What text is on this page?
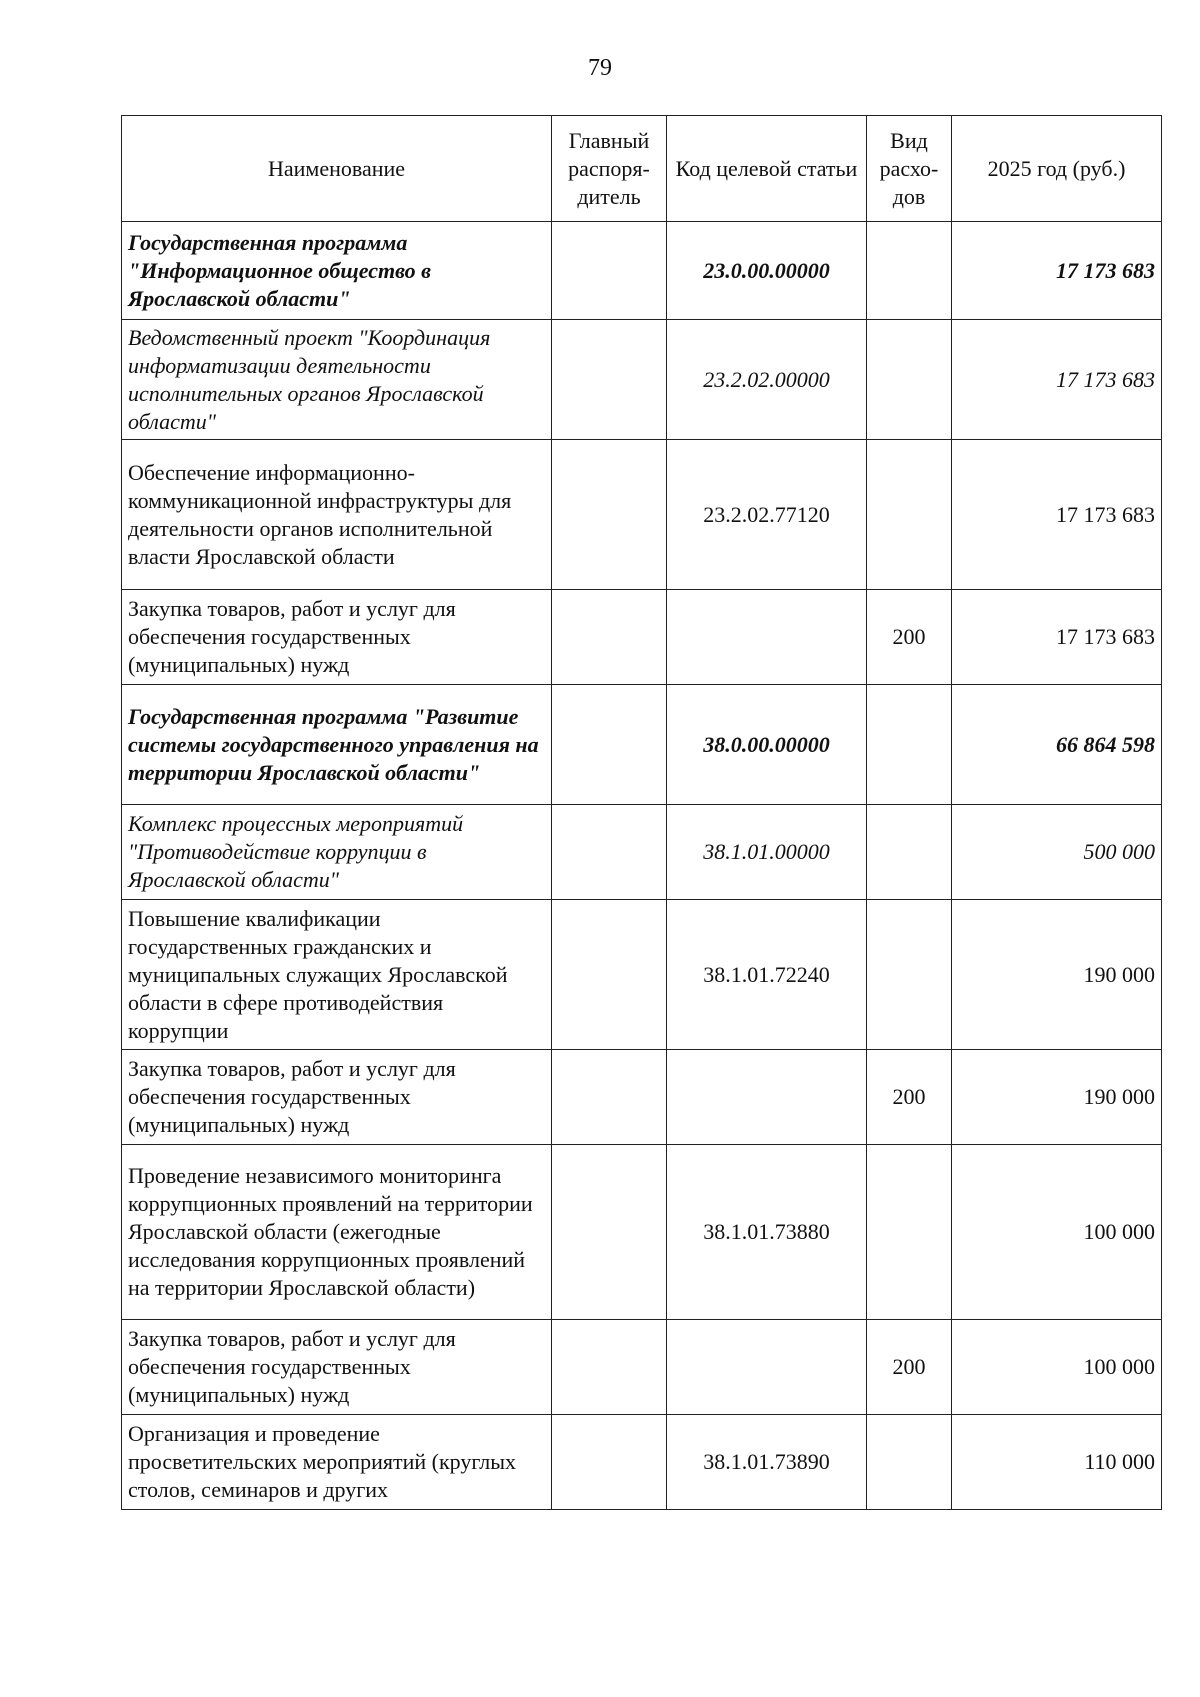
79
Наименование	Главный распоря-дитель	Код целевой статьи	Вид расхо-дов	2025 год (руб.)
Государственная программа "Информационное общество в Ярославской области"		23.0.00.00000		17 173 683
Ведомственный проект "Координация информатизации деятельности исполнительных органов Ярославской области"		23.2.02.00000		17 173 683
Обеспечение информационно-коммуникационной инфраструктуры для деятельности органов исполнительной власти Ярославской области		23.2.02.77120		17 173 683
Закупка товаров, работ и услуг для обеспечения государственных (муниципальных) нужд			200	17 173 683
Государственная программа "Развитие системы государственного управления на территории Ярославской области"		38.0.00.00000		66 864 598
Комплекс процессных мероприятий "Противодействие коррупции в Ярославской области"		38.1.01.00000		500 000
Повышение квалификации государственных гражданских и муниципальных служащих Ярославской области в сфере противодействия коррупции		38.1.01.72240		190 000
Закупка товаров, работ и услуг для обеспечения государственных (муниципальных) нужд			200	190 000
Проведение независимого мониторинга коррупционных проявлений на территории Ярославской области (ежегодные исследования коррупционных проявлений на территории Ярославской области)		38.1.01.73880		100 000
Закупка товаров, работ и услуг для обеспечения государственных (муниципальных) нужд			200	100 000
Организация и проведение просветительских мероприятий (круглых столов, семинаров и других		38.1.01.73890		110 000
